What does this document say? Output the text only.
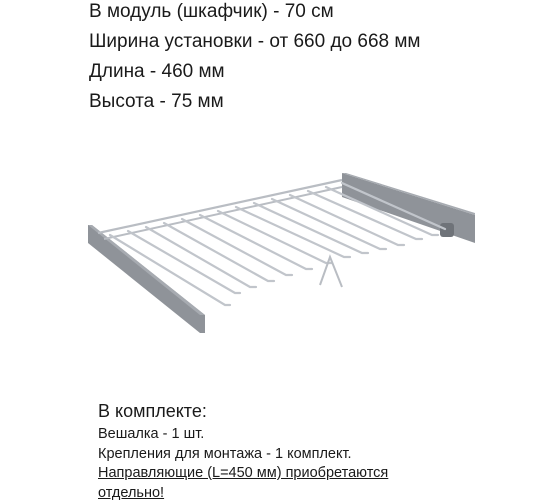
В модуль (шкафчик) - 70 см
Ширина установки - от 660 до 668 мм
Длина - 460 мм
Высота - 75 мм
В комплекте:
Вешалка - 1 шт.
Крепления для монтажа - 1 комплект.
Направляющие (L=450 мм) приобретаются отдельно!
